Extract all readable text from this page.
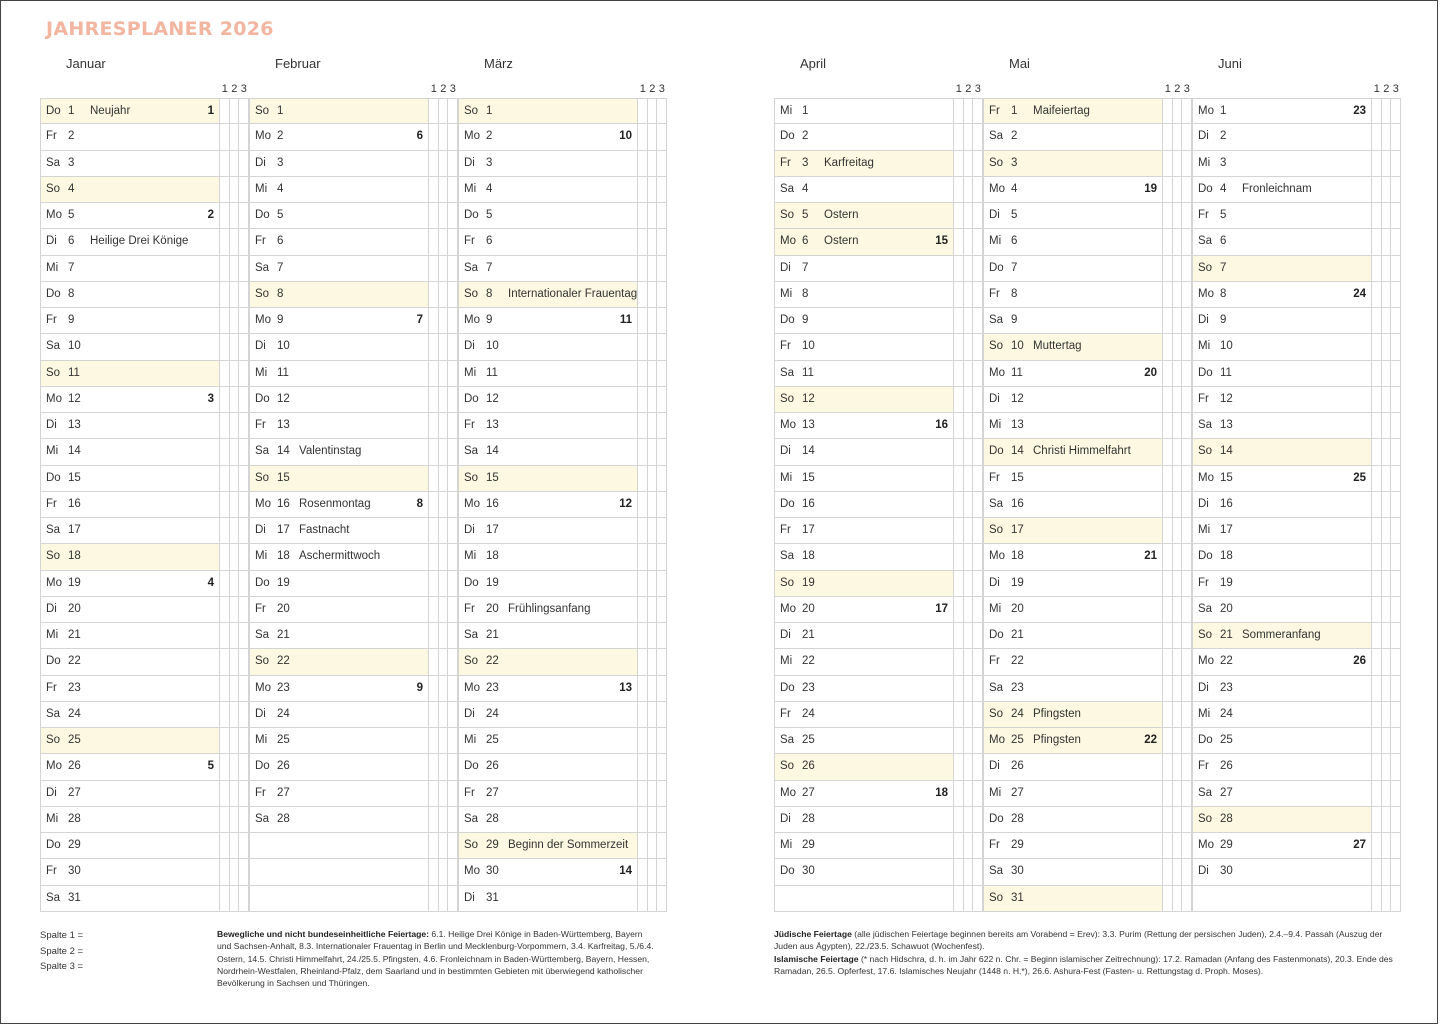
JAHRESPLANER 2026
Januar
1 2 3
Do 1 Neujahr	1
Fr 2
Sa 3
So 4
Mo 5	2
Di 6 Heilige Drei Könige
Mi 7
Do 8
Fr 9
Sa 10
So 11
Mo 12	3
Di 13
Mi 14
Do 15
Fr 16
Sa 17
So 18
Mo 19	4
Di 20
Mi 21
Do 22
Fr 23
Sa 24
So 25
Mo 26	5
Di 27
Mi 28
Do 29
Fr 30
Sa 31
Februar
1 2 3
So 1
Mo 2	6
Di 3
Mi 4
Do 5
Fr 6
Sa 7
So 8
Mo 9	7
Di 10
Mi 11
Do 12
Fr 13
Sa 14 Valentinstag
So 15
Mo 16 Rosenmontag	8
Di 17 Fastnacht
Mi 18 Aschermittwoch
Do 19
Fr 20
Sa 21
So 22
Mo 23	9
Di 24
Mi 25
Do 26
Fr 27
Sa 28
März
1 2 3
So 1
Mo 2	10
Di 3
Mi 4
Do 5
Fr 6
Sa 7
So 8 Internationaler Frauentag
Mo 9	11
Di 10
Mi 11
Do 12
Fr 13
Sa 14
So 15
Mo 16	12
Di 17
Mi 18
Do 19
Fr 20 Frühlingsanfang
Sa 21
So 22
Mo 23	13
Di 24
Mi 25
Do 26
Fr 27
Sa 28
So 29 Beginn der Sommerzeit
Mo 30	14
Di 31
April
1 2 3
Mi 1
Do 2
Fr 3 Karfreitag
Sa 4
So 5 Ostern
Mo 6 Ostern	15
Di 7
Mi 8
Do 9
Fr 10
Sa 11
So 12
Mo 13	16
Di 14
Mi 15
Do 16
Fr 17
Sa 18
So 19
Mo 20	17
Di 21
Mi 22
Do 23
Fr 24
Sa 25
So 26
Mo 27	18
Di 28
Mi 29
Do 30
Mai
1 2 3
Fr 1 Maifeiertag
Sa 2
So 3
Mo 4	19
Di 5
Mi 6
Do 7
Fr 8
Sa 9
So 10 Muttertag
Mo 11	20
Di 12
Mi 13
Do 14 Christi Himmelfahrt
Fr 15
Sa 16
So 17
Mo 18	21
Di 19
Mi 20
Do 21
Fr 22
Sa 23
So 24 Pfingsten
Mo 25 Pfingsten	22
Di 26
Mi 27
Do 28
Fr 29
Sa 30
So 31
Juni
1 2 3
Mo 1	23
Di 2
Mi 3
Do 4 Fronleichnam
Fr 5
Sa 6
So 7
Mo 8	24
Di 9
Mi 10
Do 11
Fr 12
Sa 13
So 14
Mo 15	25
Di 16
Mi 17
Do 18
Fr 19
Sa 20
So 21 Sommeranfang
Mo 22	26
Di 23
Mi 24
Do 25
Fr 26
Sa 27
So 28
Mo 29	27
Di 30
Spalte 1 =
Spalte 2 =
Spalte 3 =
Bewegliche und nicht bundeseinheitliche Feiertage: 6.1. Heilige Drei Könige in Baden-Württemberg, Bayern und Sachsen-Anhalt, 8.3. Internationaler Frauentag in Berlin und Mecklenburg-Vorpommern, 3.4. Karfreitag, 5./6.4. Ostern, 14.5. Christi Himmelfahrt, 24./25.5. Pfingsten, 4.6. Fronleichnam in Baden-Württemberg, Bayern, Hessen, Nordrhein-Westfalen, Rheinland-Pfalz, dem Saarland und in bestimmten Gebieten mit überwiegend katholischer Bevölkerung in Sachsen und Thüringen.
Jüdische Feiertage (alle jüdischen Feiertage beginnen bereits am Vorabend = Erev): 3.3. Purim (Rettung der persischen Juden), 2.4.–9.4. Passah (Auszug der Juden aus Ägypten), 22./23.5. Schawuot (Wochenfest).
Islamische Feiertage (* nach Hidschra, d. h. im Jahr 622 n. Chr. = Beginn islamischer Zeitrechnung): 17.2. Ramadan (Anfang des Fastenmonats), 20.3. Ende des Ramadan, 26.5. Opferfest, 17.6. Islamisches Neujahr (1448 n. H.*), 26.6. Ashura-Fest (Fasten- u. Rettungstag d. Proph. Moses).
